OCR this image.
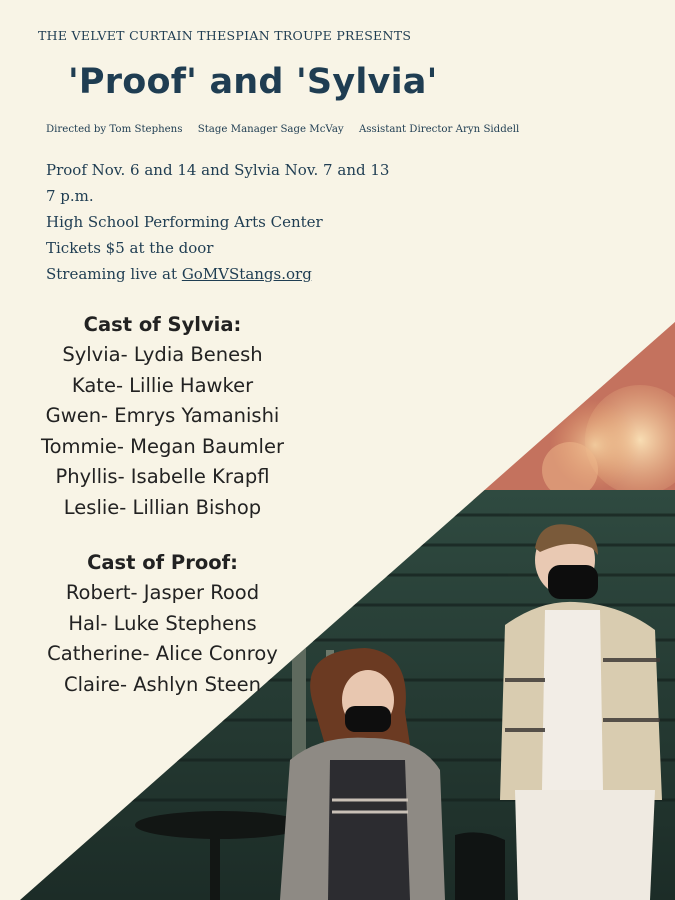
THE VELVET CURTAIN THESPIAN TROUPE PRESENTS
'Proof' and 'Sylvia'
Directed by Tom Stephens Stage Manager Sage McVay Assistant Director Aryn Siddell
Proof Nov. 6 and 14 and Sylvia Nov. 7 and 13
7 p.m.
High School Performing Arts Center
Tickets $5 at the door
Streaming live at GoMVStangs.org
Cast of Sylvia:
Sylvia- Lydia Benesh
Kate- Lillie Hawker
Gwen- Emrys Yamanishi
Tommie- Megan Baumler
Phyllis- Isabelle Krapfl
Leslie- Lillian Bishop
Cast of Proof:
Robert- Jasper Rood
Hal- Luke Stephens
Catherine- Alice Conroy
Claire- Ashlyn Steen
